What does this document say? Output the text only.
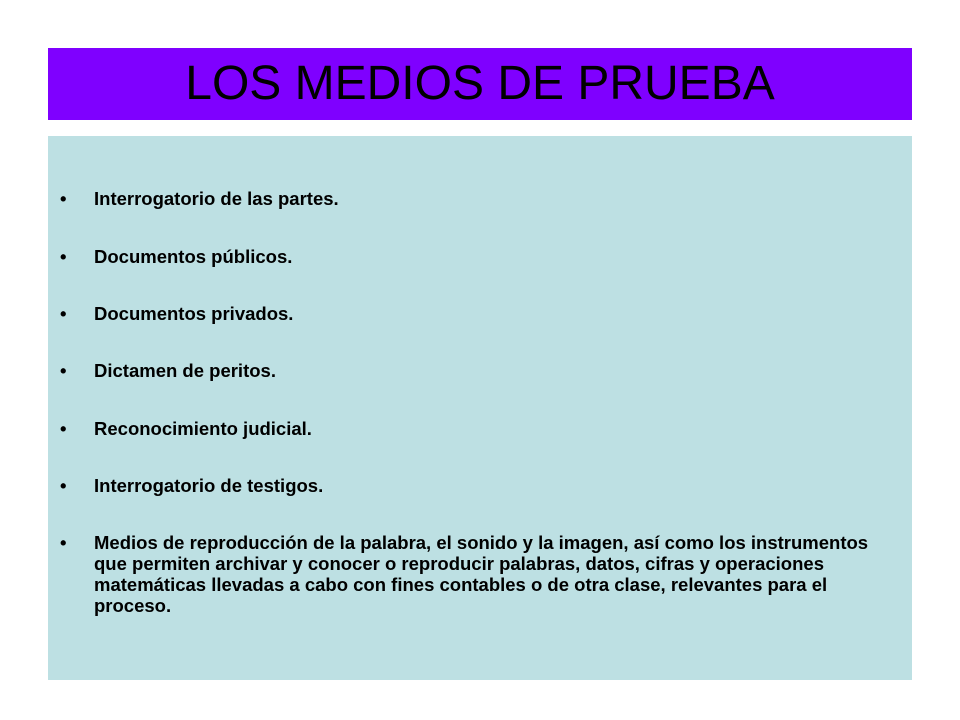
LOS MEDIOS DE PRUEBA
•	Interrogatorio de las partes.
•	Documentos públicos.
•	Documentos privados.
•	Dictamen de peritos.
•	Reconocimiento judicial.
•	Interrogatorio de testigos.
•	Medios de reproducción de la palabra, el sonido y la imagen, así como los instrumentos que permiten archivar y conocer o reproducir palabras, datos, cifras y operaciones matemáticas llevadas a cabo con fines contables o de otra clase, relevantes para el proceso.
